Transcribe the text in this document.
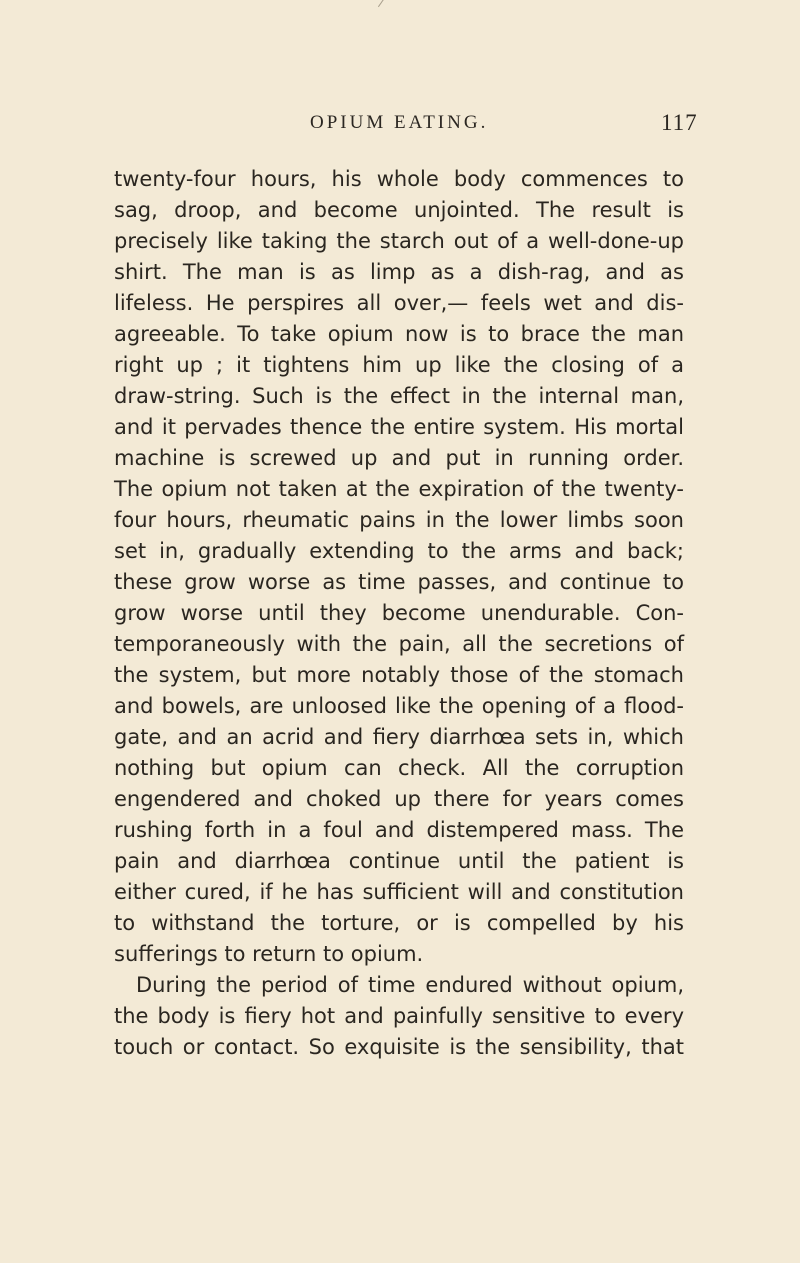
OPIUM EATING.	117
twenty-four hours, his whole body commences to
sag, droop, and become unjointed. The result is
precisely like taking the starch out of a well-done-up
shirt. The man is as limp as a dish-rag, and as
lifeless. He perspires all over,— feels wet and dis-
agreeable. To take opium now is to brace the man
right up ; it tightens him up like the closing of a
draw-string. Such is the effect in the internal man,
and it pervades thence the entire system. His mortal
machine is screwed up and put in running order.
The opium not taken at the expiration of the twenty-
four hours, rheumatic pains in the lower limbs soon
set in, gradually extending to the arms and back;
these grow worse as time passes, and continue to
grow worse until they become unendurable. Con-
temporaneously with the pain, all the secretions of
the system, but more notably those of the stomach
and bowels, are unloosed like the opening of a flood-
gate, and an acrid and fiery diarrhœa sets in, which
nothing but opium can check. All the corruption
engendered and choked up there for years comes
rushing forth in a foul and distempered mass. The
pain and diarrhœa continue until the patient is
either cured, if he has sufficient will and constitution
to withstand the torture, or is compelled by his
sufferings to return to opium.
During the period of time endured without opium,
the body is fiery hot and painfully sensitive to every
touch or contact. So exquisite is the sensibility, that
